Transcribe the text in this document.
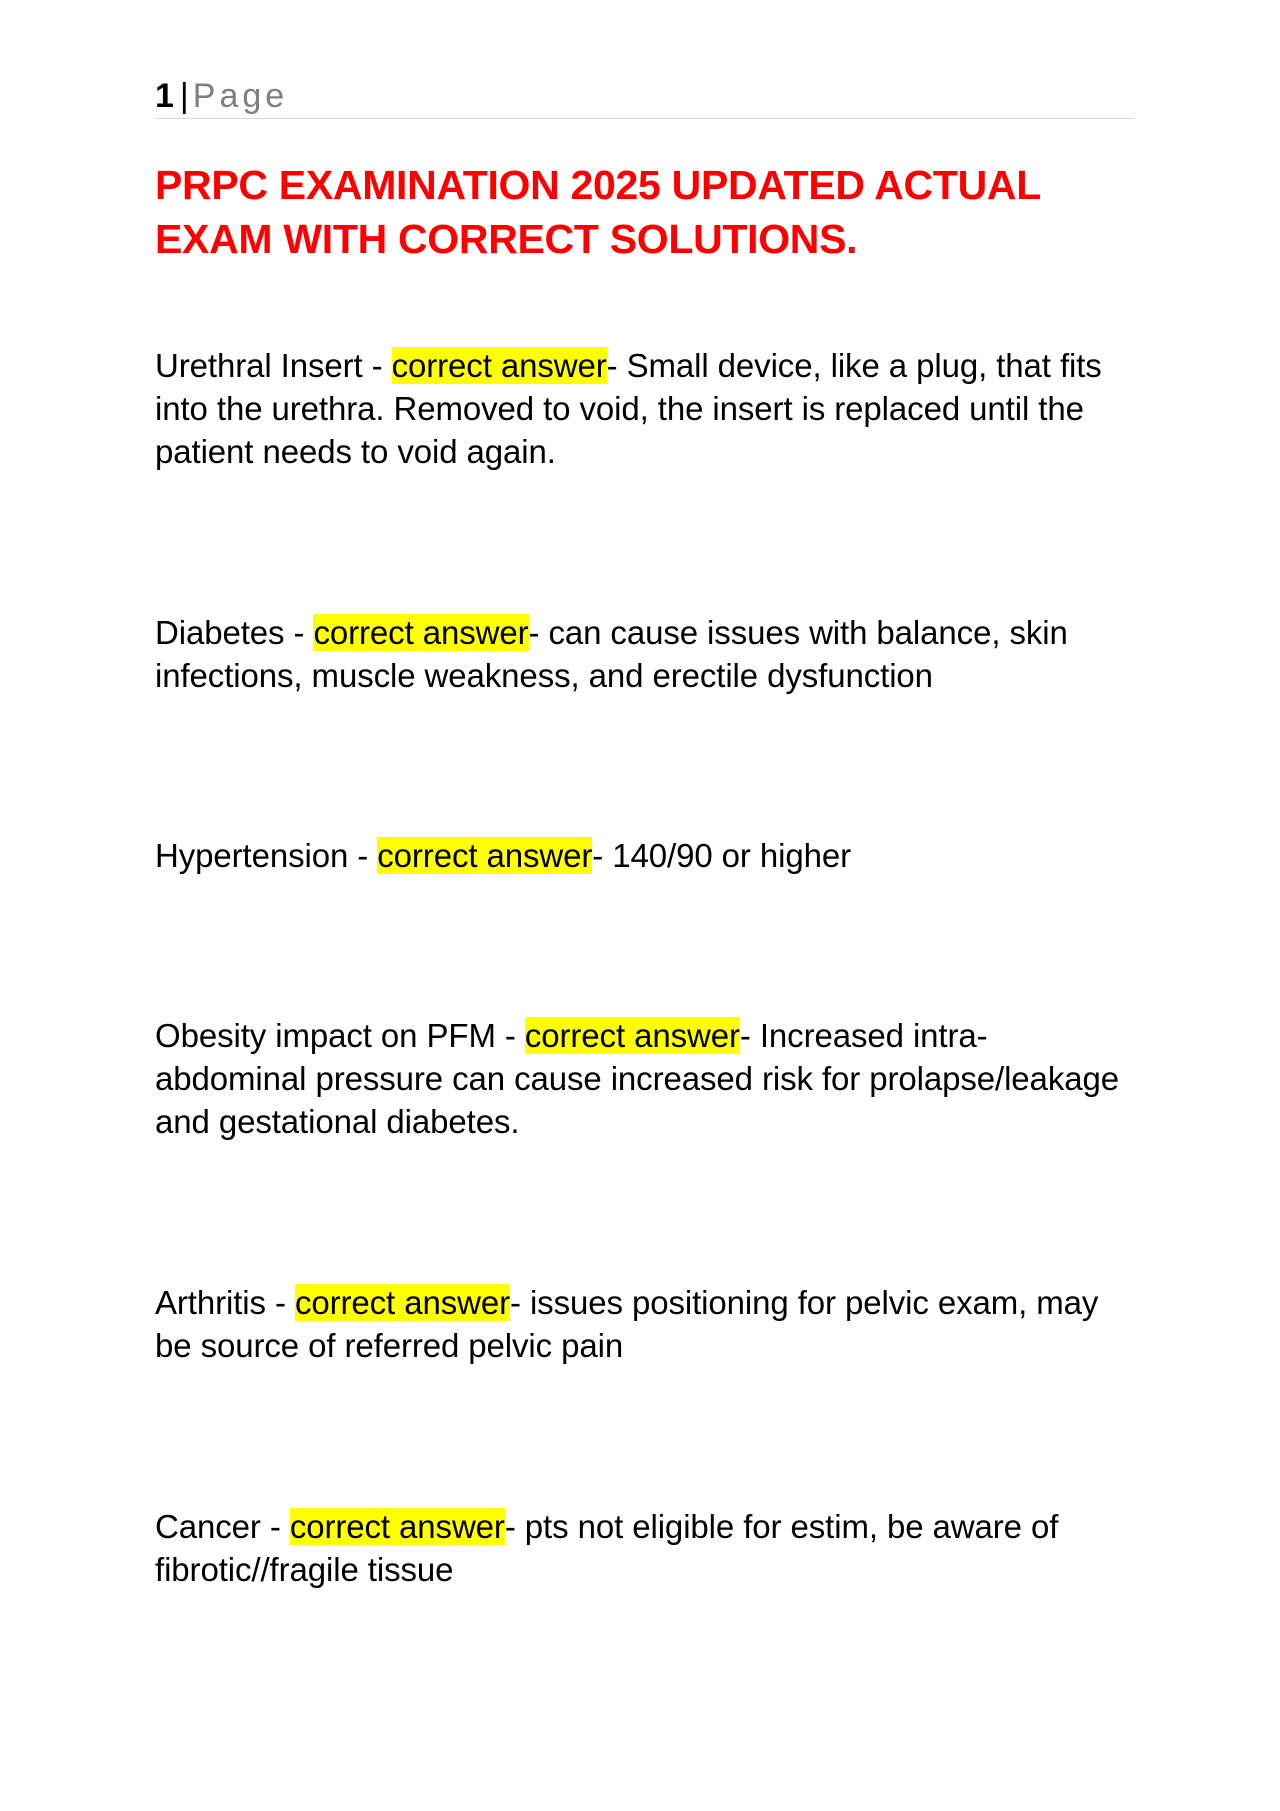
1 | Page
PRPC EXAMINATION 2025 UPDATED ACTUAL EXAM WITH CORRECT SOLUTIONS.

Urethral Insert - correct answer- Small device, like a plug, that fits into the urethra. Removed to void, the insert is replaced until the patient needs to void again.

Diabetes - correct answer- can cause issues with balance, skin infections, muscle weakness, and erectile dysfunction

Hypertension - correct answer- 140/90 or higher

Obesity impact on PFM - correct answer- Increased intra-abdominal pressure can cause increased risk for prolapse/leakage and gestational diabetes.

Arthritis - correct answer- issues positioning for pelvic exam, may be source of referred pelvic pain

Cancer - correct answer- pts not eligible for estim, be aware of fibrotic//fragile tissue
